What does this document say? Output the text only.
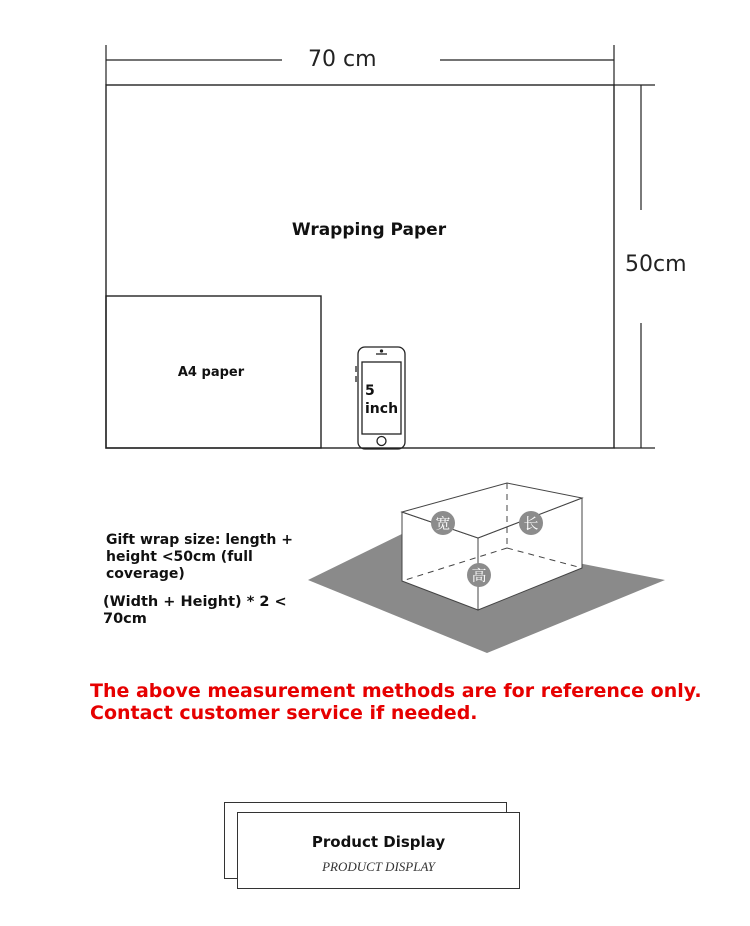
70 cm
50cm
Wrapping Paper
A4 paper
5
inch
宽	长
高
Gift wrap size: length + height <50cm (full coverage)
(Width + Height) * 2 < 70cm
The above measurement methods are for reference only.
Contact customer service if needed.
Product Display
PRODUCT DISPLAY
